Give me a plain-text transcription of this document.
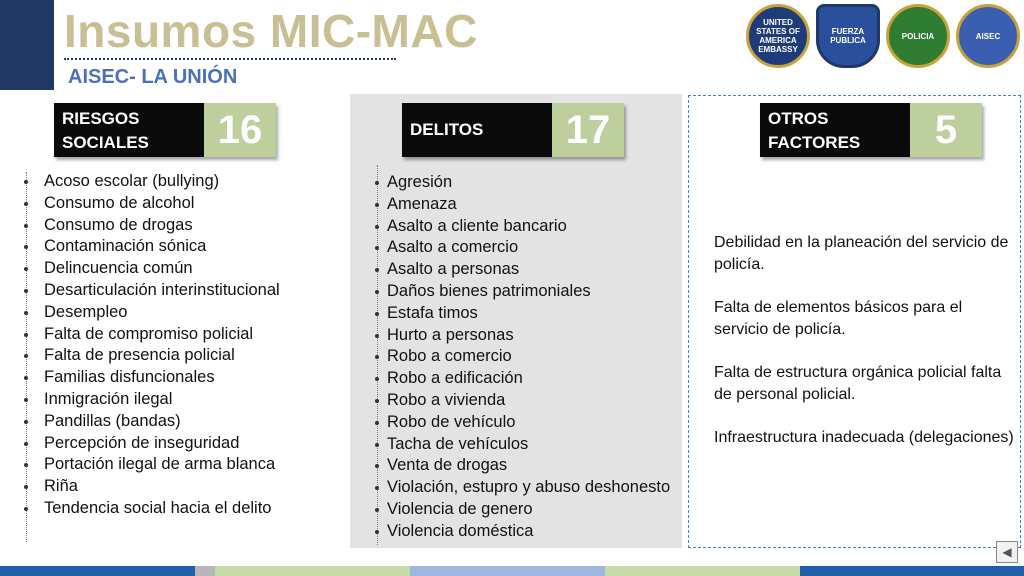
Insumos MIC-MAC
AISEC- LA UNIÓN
UNITED STATES OF AMERICA EMBASSY
FUERZA PUBLICA	POLICIA	AISEC
RIESGOS
SOCIALES	16	DELITOS	17	OTROS
FACTORES	5
Acoso escolar (bullying)
Consumo de alcohol
Consumo de drogas
Contaminación sónica
Delincuencia común
Desarticulación interinstitucional
Desempleo
Falta de compromiso policial
Falta de presencia policial
Familias disfuncionales
Inmigración ilegal
Pandillas (bandas)
Percepción de inseguridad
Portación ilegal de arma blanca
Riña
Tendencia social hacia el delito
Agresión
Amenaza
Asalto a cliente bancario
Asalto a comercio
Asalto a personas
Daños bienes patrimoniales
Estafa timos
Hurto a personas
Robo a comercio
Robo a edificación
Robo a vivienda
Robo de vehículo
Tacha de vehículos
Venta de drogas
Violación, estupro y abuso deshonesto
Violencia de genero
Violencia doméstica

Debilidad en la planeación del servicio de policía.

Falta de elementos básicos para el servicio de policía.

Falta de estructura orgánica policial falta de personal policial.

Infraestructura inadecuada (delegaciones)

◀
